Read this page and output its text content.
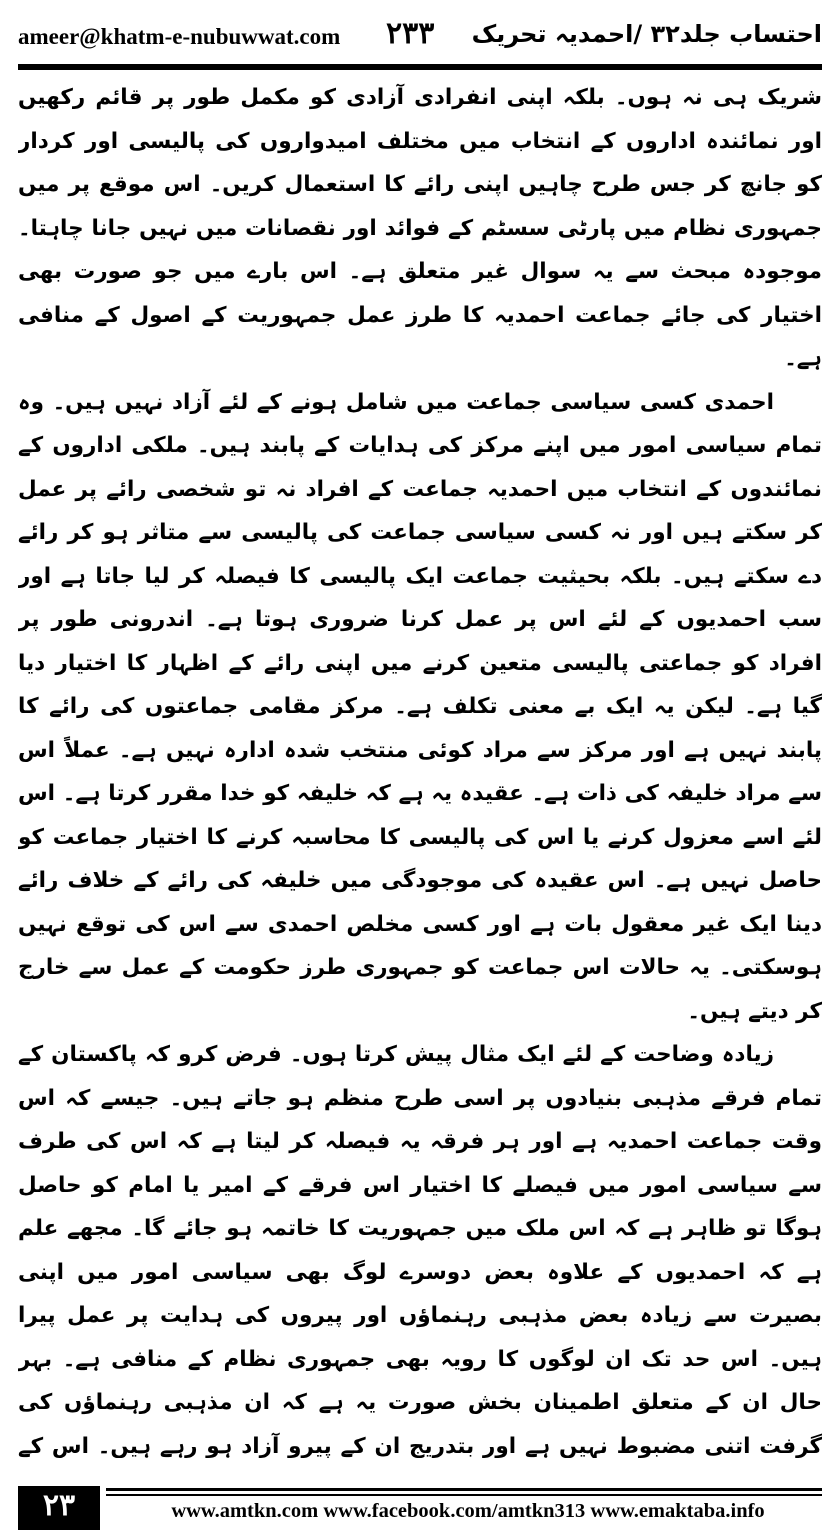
ameer@khatm-e-nubuwwat.com ۲۳۳ احتساب جلد۳۲ /احمدیہ تحریک

شریک ہی نہ ہوں۔ بلکہ اپنی انفرادی آزادی کو مکمل طور پر قائم رکھیں اور نمائندہ اداروں کے انتخاب میں مختلف امیدواروں کی پالیسی اور کردار کو جانچ کر جس طرح چاہیں اپنی رائے کا استعمال کریں۔ اس موقع پر میں جمہوری نظام میں پارٹی سسٹم کے فوائد اور نقصانات میں نہیں جانا چاہتا۔ موجودہ مبحث سے یہ سوال غیر متعلق ہے۔ اس بارے میں جو صورت بھی اختیار کی جائے جماعت احمدیہ کا طرز عمل جمہوریت کے اصول کے منافی ہے۔

احمدی کسی سیاسی جماعت میں شامل ہونے کے لئے آزاد نہیں ہیں۔ وہ تمام سیاسی امور میں اپنے مرکز کی ہدایات کے پابند ہیں۔ ملکی اداروں کے نمائندوں کے انتخاب میں احمدیہ جماعت کے افراد نہ تو شخصی رائے پر عمل کر سکتے ہیں اور نہ کسی سیاسی جماعت کی پالیسی سے متاثر ہو کر رائے دے سکتے ہیں۔ بلکہ بحیثیت جماعت ایک پالیسی کا فیصلہ کر لیا جاتا ہے اور سب احمدیوں کے لئے اس پر عمل کرنا ضروری ہوتا ہے۔ اندرونی طور پر افراد کو جماعتی پالیسی متعین کرنے میں اپنی رائے کے اظہار کا اختیار دیا گیا ہے۔ لیکن یہ ایک بے معنی تکلف ہے۔ مرکز مقامی جماعتوں کی رائے کا پابند نہیں ہے اور مرکز سے مراد کوئی منتخب شدہ ادارہ نہیں ہے۔ عملاً اس سے مراد خلیفہ کی ذات ہے۔ عقیدہ یہ ہے کہ خلیفہ کو خدا مقرر کرتا ہے۔ اس لئے اسے معزول کرنے یا اس کی پالیسی کا محاسبہ کرنے کا اختیار جماعت کو حاصل نہیں ہے۔ اس عقیدہ کی موجودگی میں خلیفہ کی رائے کے خلاف رائے دینا ایک غیر معقول بات ہے اور کسی مخلص احمدی سے اس کی توقع نہیں ہوسکتی۔ یہ حالات اس جماعت کو جمہوری طرز حکومت کے عمل سے خارج کر دیتے ہیں۔

زیادہ وضاحت کے لئے ایک مثال پیش کرتا ہوں۔ فرض کرو کہ پاکستان کے تمام فرقے مذہبی بنیادوں پر اسی طرح منظم ہو جاتے ہیں۔ جیسے کہ اس وقت جماعت احمدیہ ہے اور ہر فرقہ یہ فیصلہ کر لیتا ہے کہ اس کی طرف سے سیاسی امور میں فیصلے کا اختیار اس فرقے کے امیر یا امام کو حاصل ہوگا تو ظاہر ہے کہ اس ملک میں جمہوریت کا خاتمہ ہو جائے گا۔ مجھے علم ہے کہ احمدیوں کے علاوہ بعض دوسرے لوگ بھی سیاسی امور میں اپنی بصیرت سے زیادہ بعض مذہبی رہنماؤں اور پیروں کی ہدایت پر عمل پیرا ہیں۔ اس حد تک ان لوگوں کا رویہ بھی جمہوری نظام کے منافی ہے۔ بہر حال ان کے متعلق اطمینان بخش صورت یہ ہے کہ ان مذہبی رہنماؤں کی گرفت اتنی مضبوط نہیں ہے اور بتدریج ان کے پیرو آزاد ہو رہے ہیں۔ اس کے

۲۳	www.amtkn.com www.facebook.com/amtkn313 www.emaktaba.info
